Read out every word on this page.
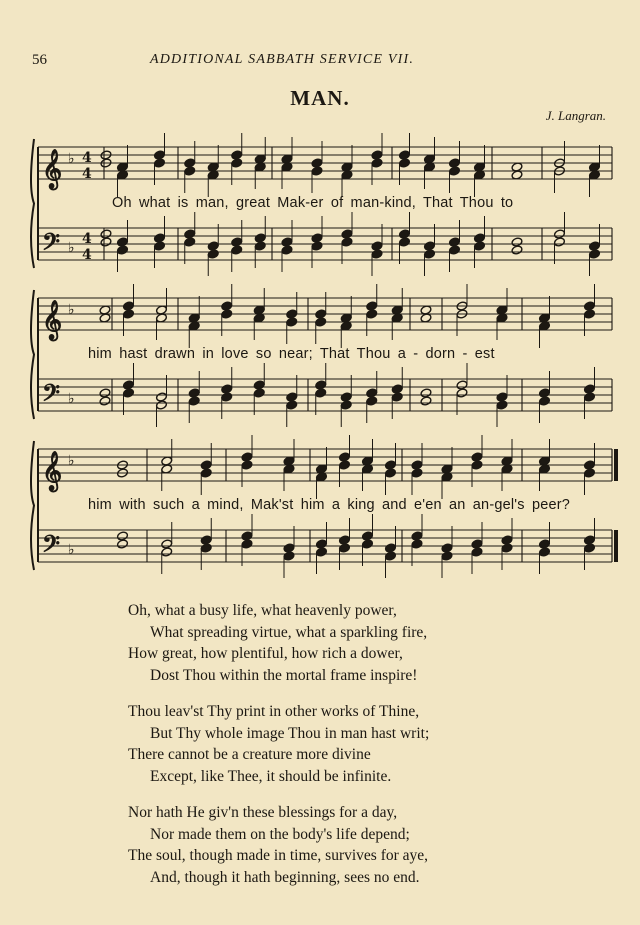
56	ADDITIONAL SABBATH SERVICE VII.
MAN.
J. Langran.
𝄞
𝄢
♭
♭
4
4
4
4
𝄞
𝄢
♭
♭
𝄞
𝄢
♭
♭
Oh what is man, great Mak-er of man-kind, That Thou to
him hast drawn in love so near; That Thou a - dorn - est
him with such a mind, Mak'st him a king and e'en an an-gel's peer?
Oh, what a busy life, what heavenly power,
What spreading virtue, what a sparkling fire,
How great, how plentiful, how rich a dower,
Dost Thou within the mortal frame inspire!
Thou leav'st Thy print in other works of Thine,
But Thy whole image Thou in man hast writ;
There cannot be a creature more divine
Except, like Thee, it should be infinite.
Nor hath He giv'n these blessings for a day,
Nor made them on the body's life depend;
The soul, though made in time, survives for aye,
And, though it hath beginning, sees no end.
